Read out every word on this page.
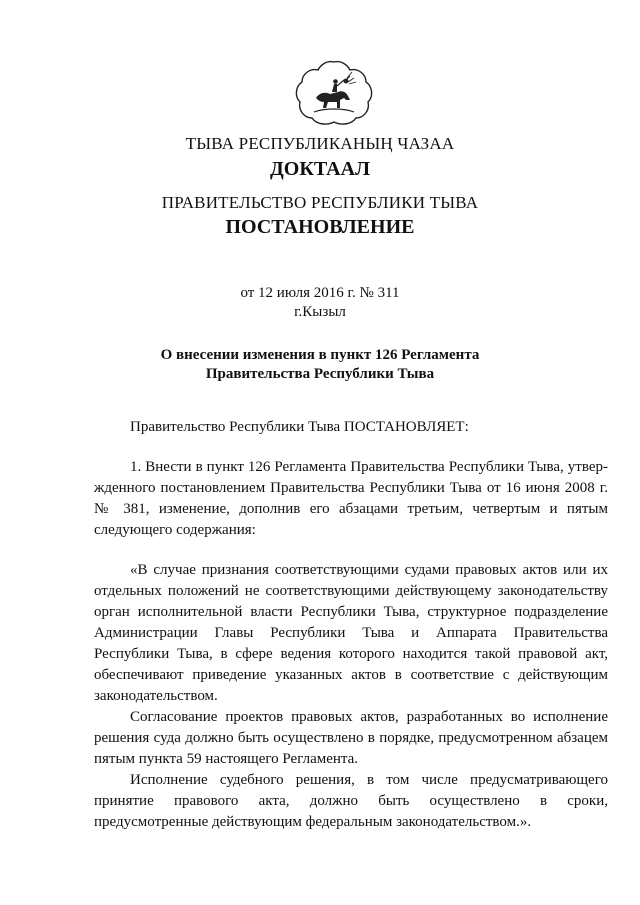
ТЫВА РЕСПУБЛИКАНЫҢ ЧАЗАА
ДОКТААЛ
ПРАВИТЕЛЬСТВО РЕСПУБЛИКИ ТЫВА
ПОСТАНОВЛЕНИЕ
от 12 июля 2016 г. № 311
г.Кызыл
О внесении изменения в пункт 126 Регламента
Правительства Республики Тыва

Правительство Республики Тыва ПОСТАНОВЛЯЕТ:

1. Внести в пункт 126 Регламента Правительства Республики Тыва, утвержденного постановлением Правительства Республики Тыва от 16 июня 2008 г. № 381, изменение, дополнив его абзацами третьим, четвертым и пятым следующего содержания:

«В случае признания соответствующими судами правовых актов или их отдельных положений не соответствующими действующему законодательству орган исполнительной власти Республики Тыва, структурное подразделение Администрации Главы Республики Тыва и Аппарата Правительства Республики Тыва, в сфере ведения которого находится такой правовой акт, обеспечивают приведение указанных актов в соответствие с действующим законодательством.

Согласование проектов правовых актов, разработанных во исполнение решения суда должно быть осуществлено в порядке, предусмотренном абзацем пятым пункта 59 настоящего Регламента.

Исполнение судебного решения, в том числе предусматривающего принятие правового акта, должно быть осуществлено в сроки, предусмотренные действующим федеральным законодательством.».
